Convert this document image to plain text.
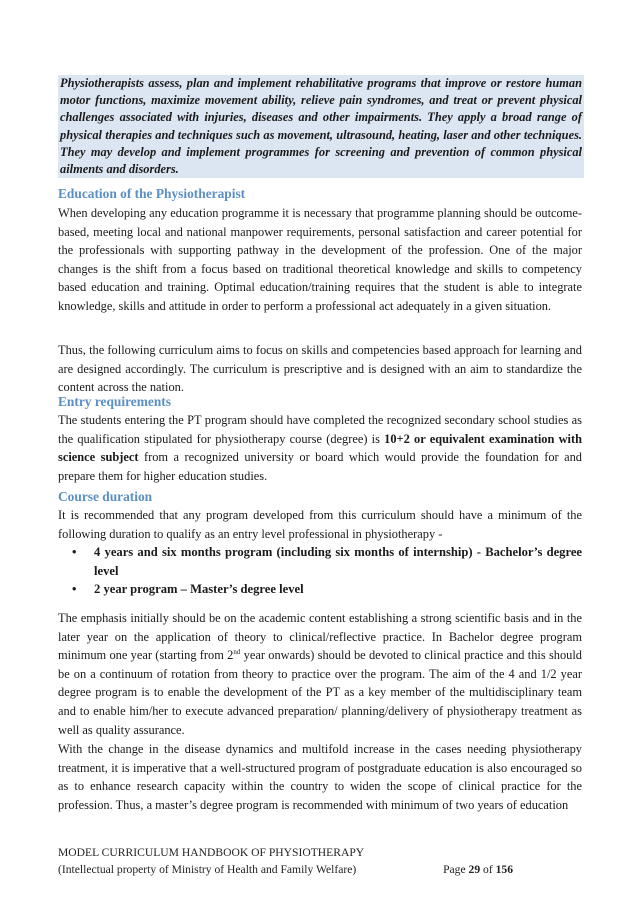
Physiotherapists assess, plan and implement rehabilitative programs that improve or restore human motor functions, maximize movement ability, relieve pain syndromes, and treat or prevent physical challenges associated with injuries, diseases and other impairments. They apply a broad range of physical therapies and techniques such as movement, ultrasound, heating, laser and other techniques. They may develop and implement programmes for screening and prevention of common physical ailments and disorders.
Education of the Physiotherapist
When developing any education programme it is necessary that programme planning should be outcome-based, meeting local and national manpower requirements, personal satisfaction and career potential for the professionals with supporting pathway in the development of the profession. One of the major changes is the shift from a focus based on traditional theoretical knowledge and skills to competency based education and training. Optimal education/training requires that the student is able to integrate knowledge, skills and attitude in order to perform a professional act adequately in a given situation.
Thus, the following curriculum aims to focus on skills and competencies based approach for learning and are designed accordingly. The curriculum is prescriptive and is designed with an aim to standardize the content across the nation.
Entry requirements
The students entering the PT program should have completed the recognized secondary school studies as the qualification stipulated for physiotherapy course (degree) is 10+2 or equivalent examination with science subject from a recognized university or board which would provide the foundation for and prepare them for higher education studies.
Course duration
It is recommended that any program developed from this curriculum should have a minimum of the following duration to qualify as an entry level professional in physiotherapy -
• 4 years and six months program (including six months of internship) - Bachelor’s degree level
• 2 year program – Master’s degree level
The emphasis initially should be on the academic content establishing a strong scientific basis and in the later year on the application of theory to clinical/reflective practice. In Bachelor degree program minimum one year (starting from 2nd year onwards) should be devoted to clinical practice and this should be on a continuum of rotation from theory to practice over the program. The aim of the 4 and 1/2 year degree program is to enable the development of the PT as a key member of the multidisciplinary team and to enable him/her to execute advanced preparation/ planning/delivery of physiotherapy treatment as well as quality assurance.
With the change in the disease dynamics and multifold increase in the cases needing physiotherapy treatment, it is imperative that a well-structured program of postgraduate education is also encouraged so as to enhance research capacity within the country to widen the scope of clinical practice for the profession. Thus, a master’s degree program is recommended with minimum of two years of education
MODEL CURRICULUM HANDBOOK OF PHYSIOTHERAPY
(Intellectual property of Ministry of Health and Family Welfare)	Page 29 of 156
